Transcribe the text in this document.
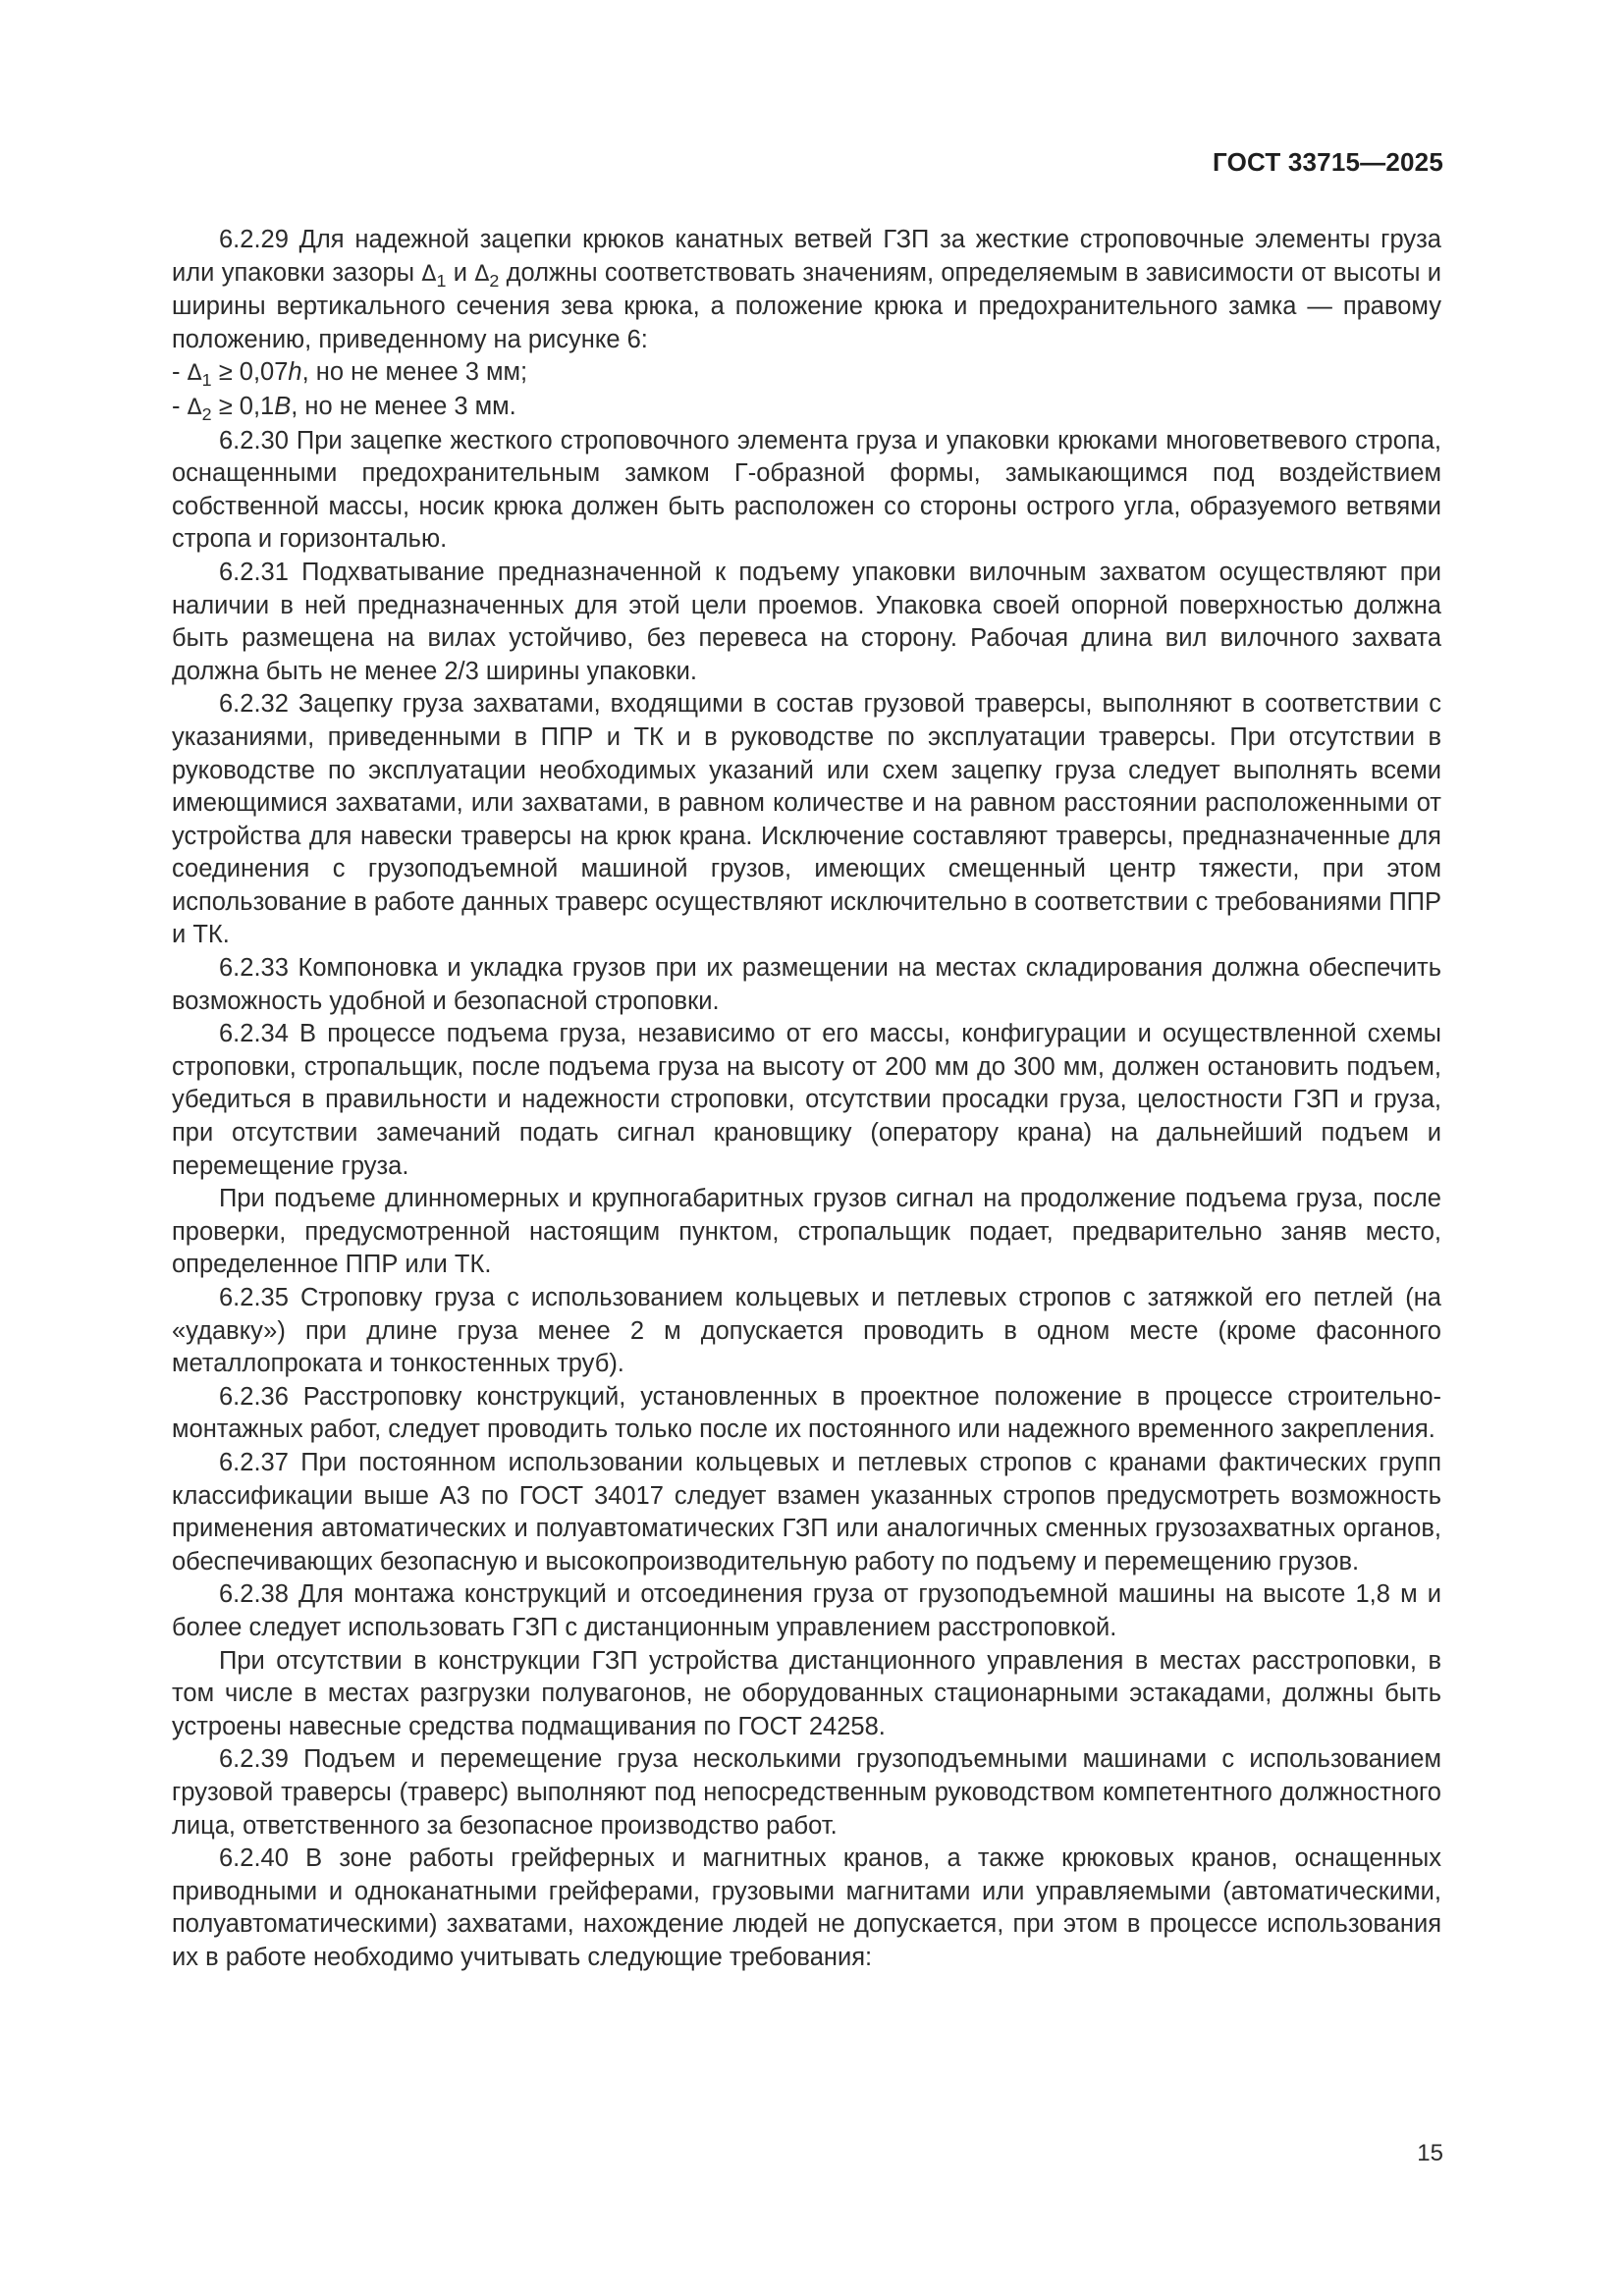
ГОСТ 33715—2025

6.2.29 Для надежной зацепки крюков канатных ветвей ГЗП за жесткие строповочные элементы груза или упаковки зазоры $\Delta_1$ и $\Delta_2$ должны соответствовать значениям, определяемым в зависимости от высоты и ширины вертикального сечения зева крюка, а положение крюка и предохранительного замка — правому положению, приведенному на рисунке 6:

- $\Delta_1 \ge 0,07h$, но не менее 3 мм;

- $\Delta_2 \ge 0,1B$, но не менее 3 мм.

6.2.30 При зацепке жесткого строповочного элемента груза и упаковки крюками многоветвевого стропа, оснащенными предохранительным замком Г-образной формы, замыкающимся под воздействием собственной массы, носик крюка должен быть расположен со стороны острого угла, образуемого ветвями стропа и горизонталью.

6.2.31 Подхватывание предназначенной к подъему упаковки вилочным захватом осуществляют при наличии в ней предназначенных для этой цели проемов. Упаковка своей опорной поверхностью должна быть размещена на вилах устойчиво, без перевеса на сторону. Рабочая длина вил вилочного захвата должна быть не менее 2/3 ширины упаковки.

6.2.32 Зацепку груза захватами, входящими в состав грузовой траверсы, выполняют в соответствии с указаниями, приведенными в ППР и ТК и в руководстве по эксплуатации траверсы. При отсутствии в руководстве по эксплуатации необходимых указаний или схем зацепку груза следует выполнять всеми имеющимися захватами, или захватами, в равном количестве и на равном расстоянии расположенными от устройства для навески траверсы на крюк крана. Исключение составляют траверсы, предназначенные для соединения с грузоподъемной машиной грузов, имеющих смещенный центр тяжести, при этом использование в работе данных траверс осуществляют исключительно в соответствии с требованиями ППР и ТК.

6.2.33 Компоновка и укладка грузов при их размещении на местах складирования должна обеспечить возможность удобной и безопасной строповки.

6.2.34 В процессе подъема груза, независимо от его массы, конфигурации и осуществленной схемы строповки, стропальщик, после подъема груза на высоту от 200 мм до 300 мм, должен остановить подъем, убедиться в правильности и надежности строповки, отсутствии просадки груза, целостности ГЗП и груза, при отсутствии замечаний подать сигнал крановщику (оператору крана) на дальнейший подъем и перемещение груза.

При подъеме длинномерных и крупногабаритных грузов сигнал на продолжение подъема груза, после проверки, предусмотренной настоящим пунктом, стропальщик подает, предварительно заняв место, определенное ППР или ТК.

6.2.35 Строповку груза с использованием кольцевых и петлевых стропов с затяжкой его петлей (на «удавку») при длине груза менее 2 м допускается проводить в одном месте (кроме фасонного металлопроката и тонкостенных труб).

6.2.36 Расстроповку конструкций, установленных в проектное положение в процессе строительно-монтажных работ, следует проводить только после их постоянного или надежного временного закрепления.

6.2.37 При постоянном использовании кольцевых и петлевых стропов с кранами фактических групп классификации выше А3 по ГОСТ 34017 следует взамен указанных стропов предусмотреть возможность применения автоматических и полуавтоматических ГЗП или аналогичных сменных грузозахватных органов, обеспечивающих безопасную и высокопроизводительную работу по подъему и перемещению грузов.

6.2.38 Для монтажа конструкций и отсоединения груза от грузоподъемной машины на высоте 1,8 м и более следует использовать ГЗП с дистанционным управлением расстроповкой.

При отсутствии в конструкции ГЗП устройства дистанционного управления в местах расстроповки, в том числе в местах разгрузки полувагонов, не оборудованных стационарными эстакадами, должны быть устроены навесные средства подмащивания по ГОСТ 24258.

6.2.39 Подъем и перемещение груза несколькими грузоподъемными машинами с использованием грузовой траверсы (траверс) выполняют под непосредственным руководством компетентного должностного лица, ответственного за безопасное производство работ.

6.2.40 В зоне работы грейферных и магнитных кранов, а также крюковых кранов, оснащенных приводными и одноканатными грейферами, грузовыми магнитами или управляемыми (автоматическими, полуавтоматическими) захватами, нахождение людей не допускается, при этом в процессе использования их в работе необходимо учитывать следующие требования:

15
